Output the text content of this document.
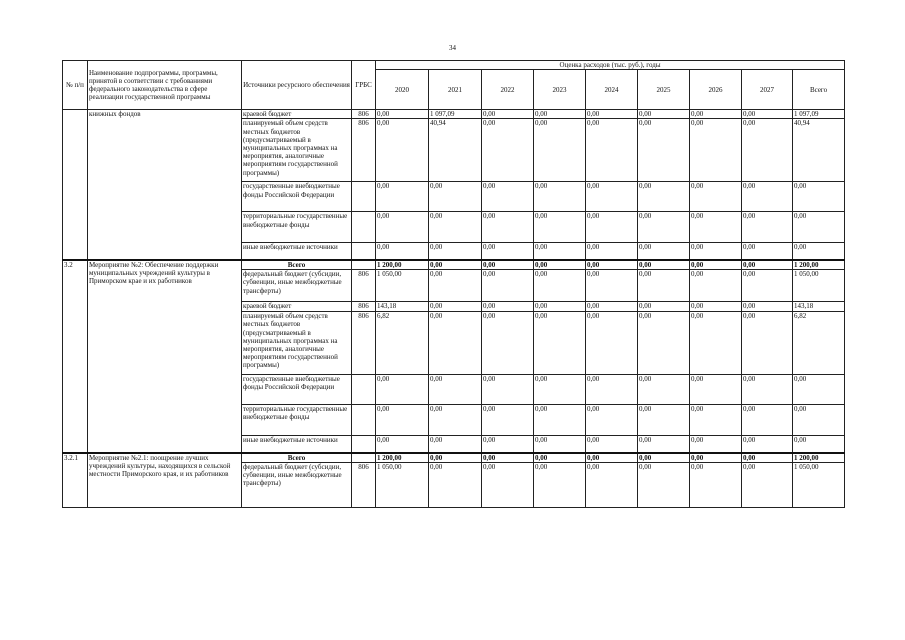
34
№ п/п	Наименование подпрограммы, программы, принятой в соответствии с требованиями федерального законодательства в сфере реализации государственной программы	Источники ресурсного обеспечения	ГРБС	Оценка расходов (тыс. руб.), годы								
				2020	2021	2022	2023	2024	2025	2026	2027	Всего
	книжных фондов	краевой бюджет	806	0,00	1 097,09	0,00	0,00	0,00	0,00	0,00	0,00	1 097,09
		планируемый объем средств местных бюджетов (предусматриваемый в муниципальных программах на мероприятия, аналогичные мероприятиям государственной программы)	806	0,00	40,94	0,00	0,00	0,00	0,00	0,00	0,00	40,94
		государственные внебюджетные фонды Российской Федерации		0,00	0,00	0,00	0,00	0,00	0,00	0,00	0,00	0,00
		территориальные государственные внебюджетные фонды		0,00	0,00	0,00	0,00	0,00	0,00	0,00	0,00	0,00
		иные внебюджетные источники		0,00	0,00	0,00	0,00	0,00	0,00	0,00	0,00	0,00
3.2	Мероприятие №2: Обеспечение поддержки муниципальных учреждений культуры в Приморском крае и их работников	Всего		1 200,00	0,00	0,00	0,00	0,00	0,00	0,00	0,00	1 200,00
		федеральный бюджет (субсидии, субвенции, иные межбюджетные трансферты)	806	1 050,00	0,00	0,00	0,00	0,00	0,00	0,00	0,00	1 050,00
		краевой бюджет	806	143,18	0,00	0,00	0,00	0,00	0,00	0,00	0,00	143,18
		планируемый объем средств местных бюджетов (предусматриваемый в муниципальных программах на мероприятия, аналогичные мероприятиям государственной программы)	806	6,82	0,00	0,00	0,00	0,00	0,00	0,00	0,00	6,82
		государственные внебюджетные фонды Российской Федерации		0,00	0,00	0,00	0,00	0,00	0,00	0,00	0,00	0,00
		территориальные государственные внебюджетные фонды		0,00	0,00	0,00	0,00	0,00	0,00	0,00	0,00	0,00
		иные внебюджетные источники		0,00	0,00	0,00	0,00	0,00	0,00	0,00	0,00	0,00
3.2.1	Мероприятие №2.1: поощрение лучших учреждений культуры, находящихся в сельской местности Приморского края, и их работников	Всего		1 200,00	0,00	0,00	0,00	0,00	0,00	0,00	0,00	1 200,00
		федеральный бюджет (субсидии, субвенции, иные межбюджетные трансферты)	806	1 050,00	0,00	0,00	0,00	0,00	0,00	0,00	0,00	1 050,00
